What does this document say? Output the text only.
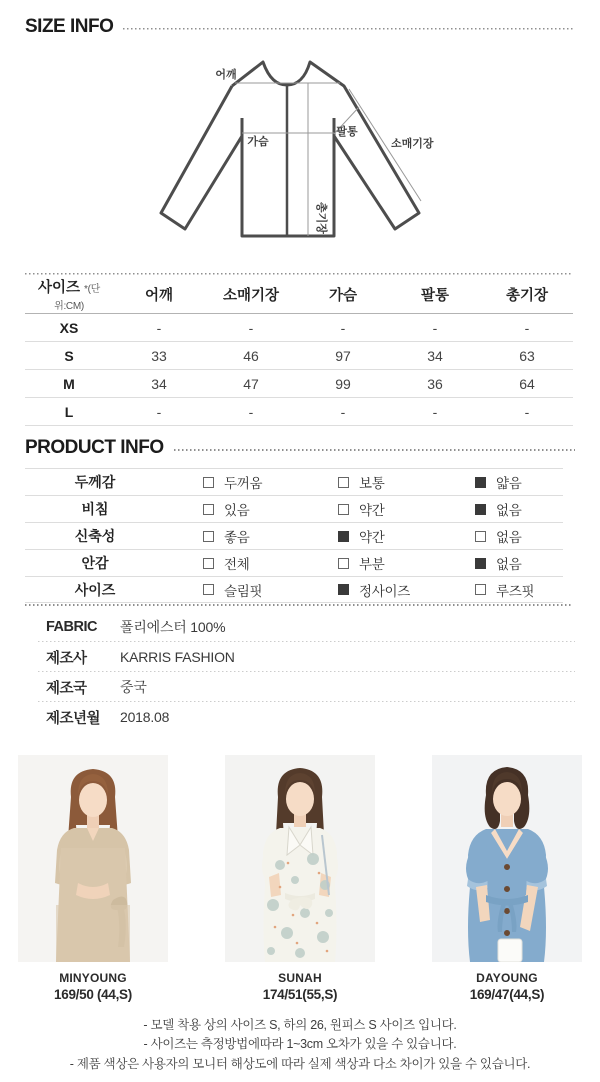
SIZE INFO
어깨
가슴
팔통
소매기장
총기장
사이즈 *(단위:CM)	어깨	소매기장	가슴	팔통	총기장
XS	-	-	-	-	-
S	33	46	97	34	63
M	34	47	99	36	64
L	-	-	-	-	-
PRODUCT INFO
두께감	두꺼움	보통	얇음
비침	있음	약간	없음
신축성	좋음	약간	없음
안감	전체	부분	없음
사이즈	슬림핏	정사이즈	루즈핏
FABRIC	폴리에스터 100%
제조사	KARRIS FASHION
제조국	중국
제조년월	2018.08
MINYOUNG
169/50 (44,S)
SUNAH
174/51(55,S)
DAYOUNG
169/47(44,S)
- 모델 착용 상의 사이즈 S, 하의 26, 원피스 S 사이즈 입니다.
- 사이즈는 측정방법에따라 1~3cm 오차가 있을 수 있습니다.
- 제품 색상은 사용자의 모니터 해상도에 따라 실제 색상과 다소 차이가 있을 수 있습니다.
